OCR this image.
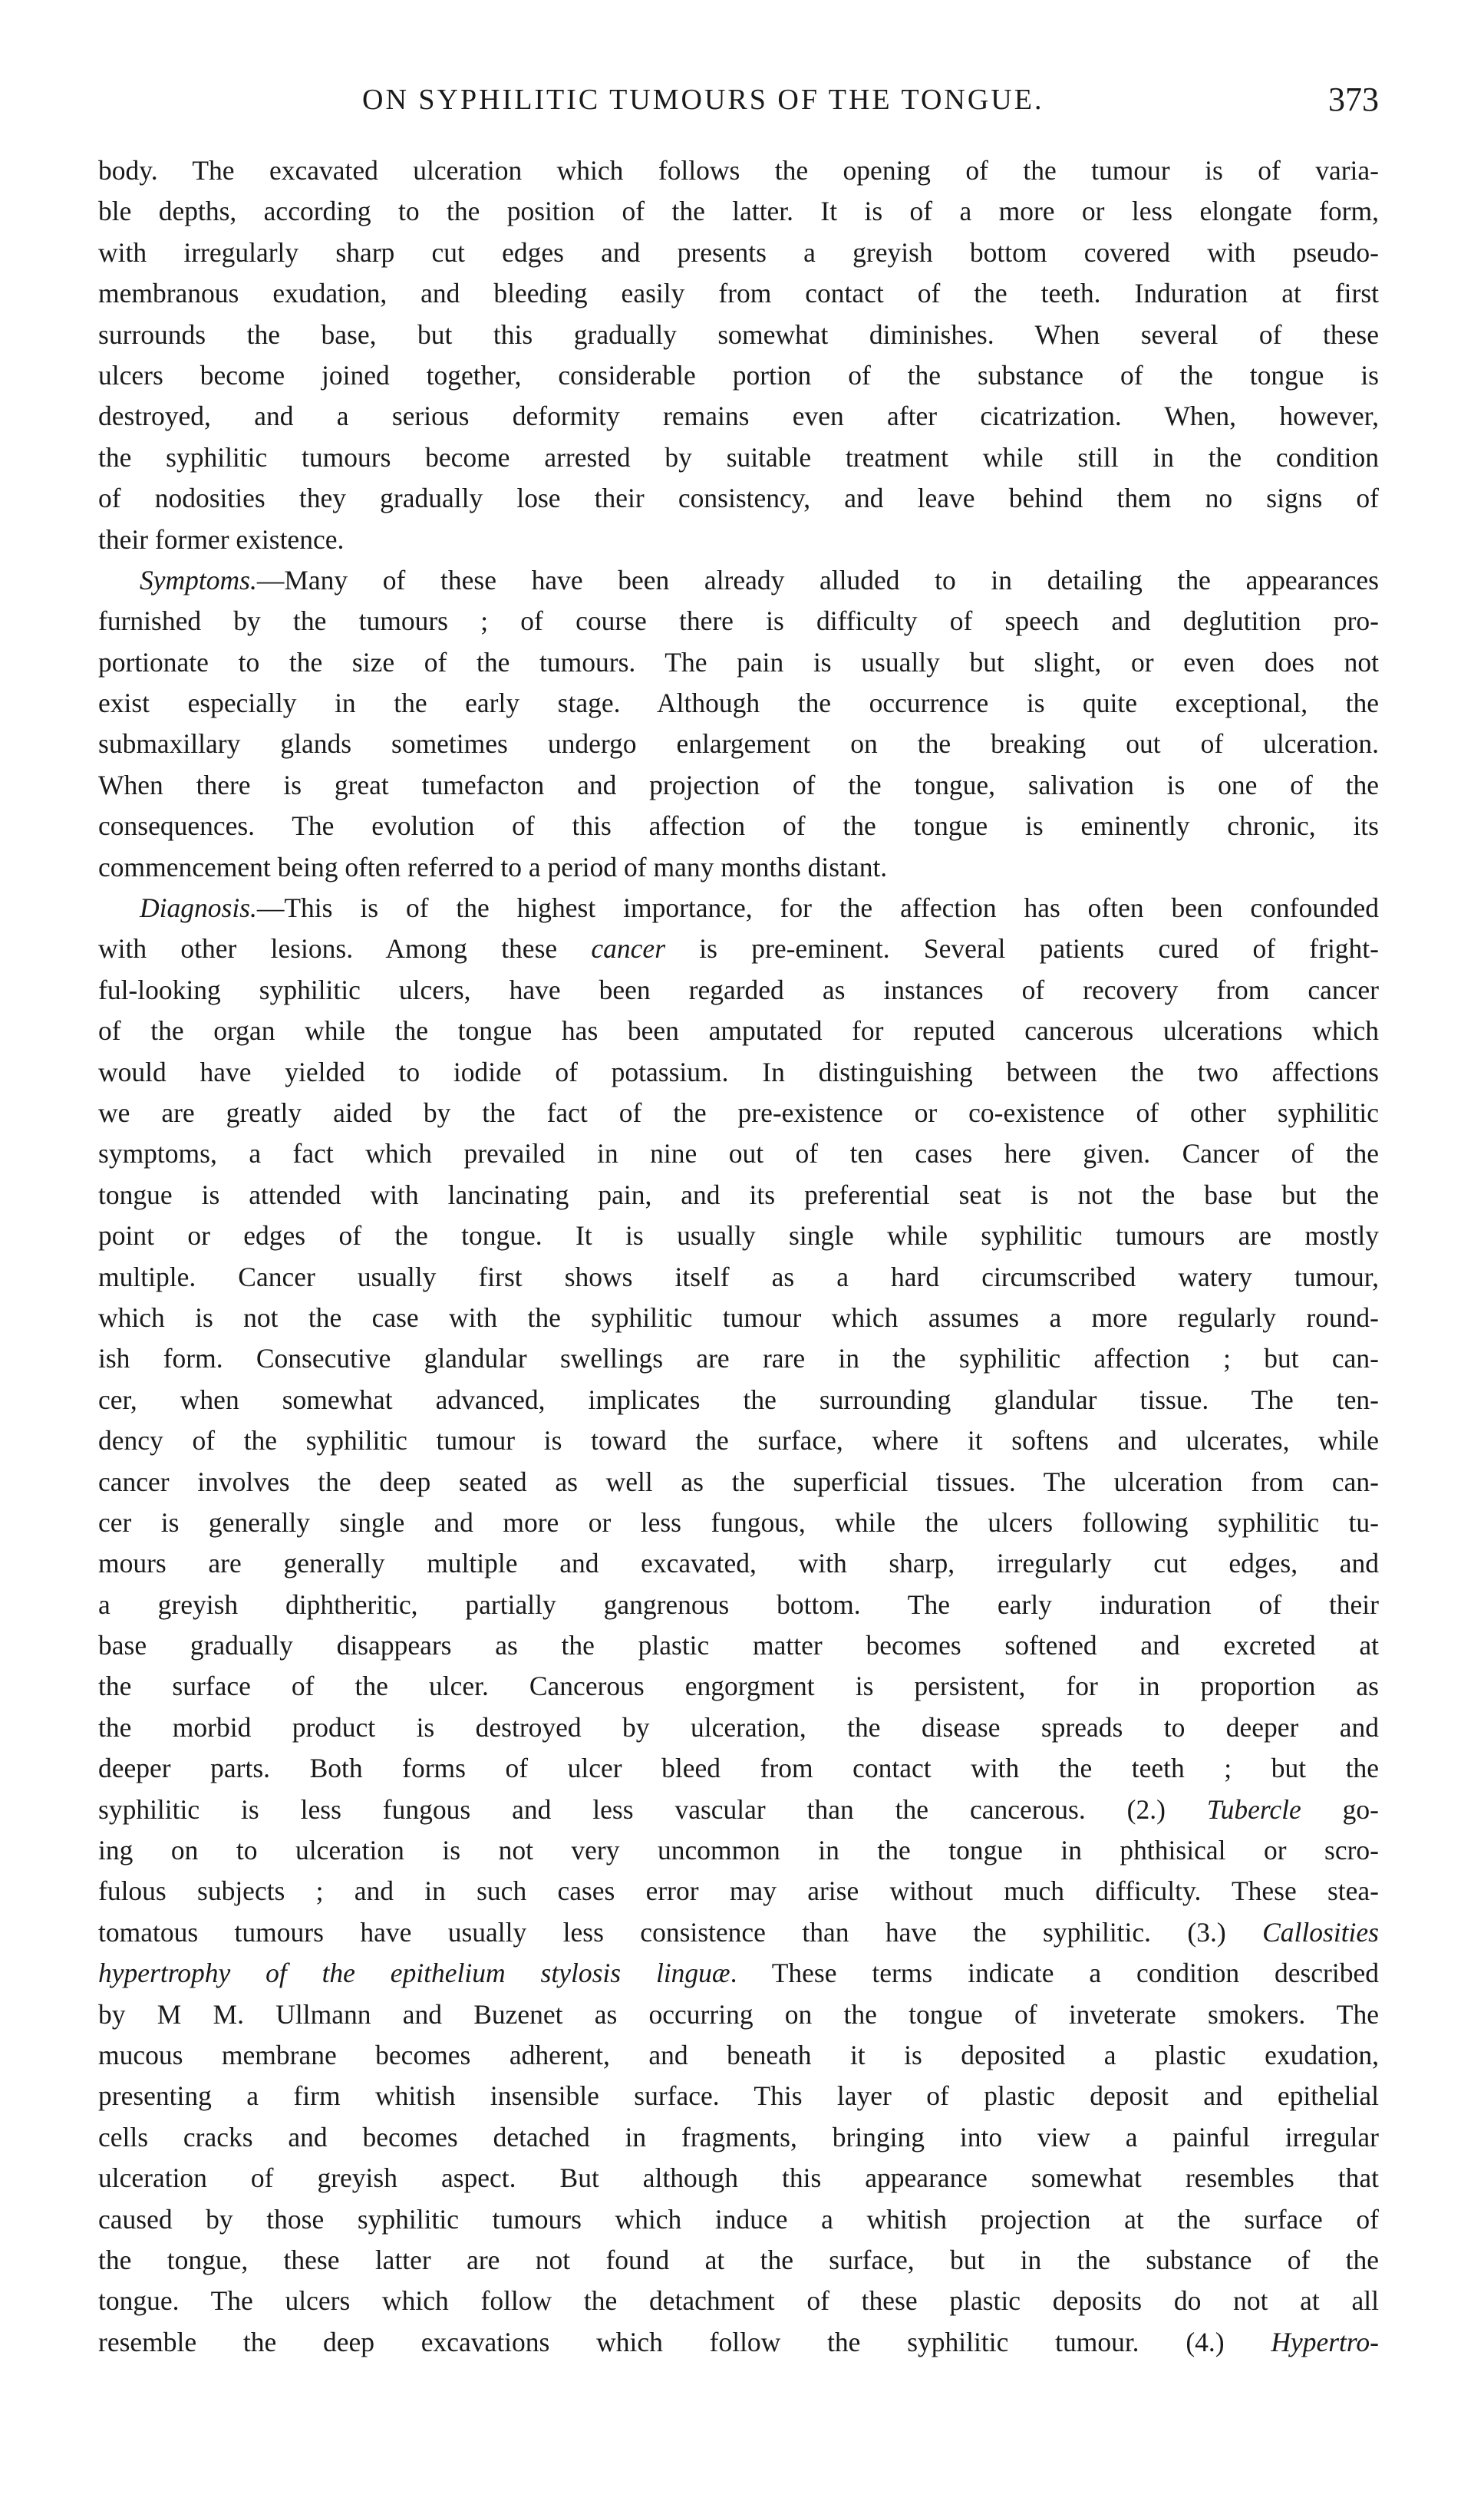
ON SYPHILITIC TUMOURS OF THE TONGUE.	373
body. The excavated ulceration which follows the opening of the tumour is of varia-
ble depths, according to the position of the latter. It is of a more or less elongate form,
with irregularly sharp cut edges and presents a greyish bottom covered with pseudo-
membranous exudation, and bleeding easily from contact of the teeth. Induration at first
surrounds the base, but this gradually somewhat diminishes. When several of these
ulcers become joined together, considerable portion of the substance of the tongue is
destroyed, and a serious deformity remains even after cicatrization. When, however,
the syphilitic tumours become arrested by suitable treatment while still in the condition
of nodosities they gradually lose their consistency, and leave behind them no signs of
their former existence.
Symptoms.—Many of these have been already alluded to in detailing the appearances
furnished by the tumours ; of course there is difficulty of speech and deglutition pro-
portionate to the size of the tumours. The pain is usually but slight, or even does not
exist especially in the early stage. Although the occurrence is quite exceptional, the
submaxillary glands sometimes undergo enlargement on the breaking out of ulceration.
When there is great tumefacton and projection of the tongue, salivation is one of the
consequences. The evolution of this affection of the tongue is eminently chronic, its
commencement being often referred to a period of many months distant.
Diagnosis.—This is of the highest importance, for the affection has often been confounded
with other lesions. Among these cancer is pre-eminent. Several patients cured of fright-
ful-looking syphilitic ulcers, have been regarded as instances of recovery from cancer
of the organ while the tongue has been amputated for reputed cancerous ulcerations which
would have yielded to iodide of potassium. In distinguishing between the two affections
we are greatly aided by the fact of the pre-existence or co-existence of other syphilitic
symptoms, a fact which prevailed in nine out of ten cases here given. Cancer of the
tongue is attended with lancinating pain, and its preferential seat is not the base but the
point or edges of the tongue. It is usually single while syphilitic tumours are mostly
multiple. Cancer usually first shows itself as a hard circumscribed watery tumour,
which is not the case with the syphilitic tumour which assumes a more regularly round-
ish form. Consecutive glandular swellings are rare in the syphilitic affection ; but can-
cer, when somewhat advanced, implicates the surrounding glandular tissue. The ten-
dency of the syphilitic tumour is toward the surface, where it softens and ulcerates, while
cancer involves the deep seated as well as the superficial tissues. The ulceration from can-
cer is generally single and more or less fungous, while the ulcers following syphilitic tu-
mours are generally multiple and excavated, with sharp, irregularly cut edges, and
a greyish diphtheritic, partially gangrenous bottom. The early induration of their
base gradually disappears as the plastic matter becomes softened and excreted at
the surface of the ulcer. Cancerous engorgment is persistent, for in proportion as
the morbid product is destroyed by ulceration, the disease spreads to deeper and
deeper parts. Both forms of ulcer bleed from contact with the teeth ; but the
syphilitic is less fungous and less vascular than the cancerous. (2.) Tubercle go-
ing on to ulceration is not very uncommon in the tongue in phthisical or scro-
fulous subjects ; and in such cases error may arise without much difficulty. These stea-
tomatous tumours have usually less consistence than have the syphilitic. (3.) Callosities
hypertrophy of the epithelium stylosis linguæ. These terms indicate a condition described
by M M. Ullmann and Buzenet as occurring on the tongue of inveterate smokers. The
mucous membrane becomes adherent, and beneath it is deposited a plastic exudation,
presenting a firm whitish insensible surface. This layer of plastic deposit and epithelial
cells cracks and becomes detached in fragments, bringing into view a painful irregular
ulceration of greyish aspect. But although this appearance somewhat resembles that
caused by those syphilitic tumours which induce a whitish projection at the surface of
the tongue, these latter are not found at the surface, but in the substance of the
tongue. The ulcers which follow the detachment of these plastic deposits do not at all
resemble the deep excavations which follow the syphilitic tumour. (4.) Hypertro-
